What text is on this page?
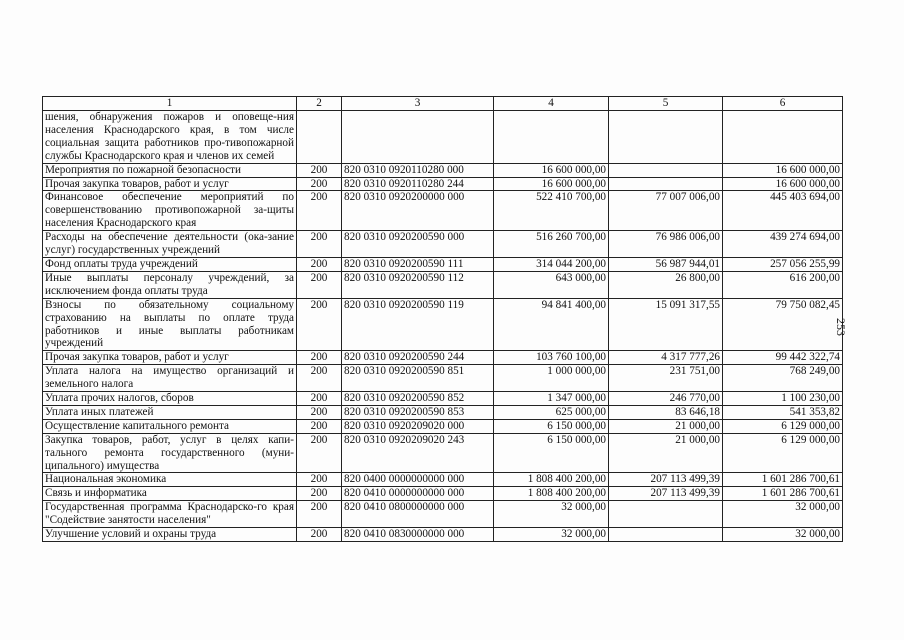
1	2	3	4	5	6
шения, обнаружения пожаров и оповеще-ния населения Краснодарского края, в том числе социальная защита работников про-тивопожарной службы Краснодарского края и членов их семей					
Мероприятия по пожарной безопасности	200	820 0310 0920110280 000	16 600 000,00		16 600 000,00
Прочая закупка товаров, работ и услуг	200	820 0310 0920110280 244	16 600 000,00		16 600 000,00
Финансовое обеспечение мероприятий по совершенствованию противопожарной за-щиты населения Краснодарского края	200	820 0310 0920200000 000	522 410 700,00	77 007 006,00	445 403 694,00
Расходы на обеспечение деятельности (ока-зание услуг) государственных учреждений	200	820 0310 0920200590 000	516 260 700,00	76 986 006,00	439 274 694,00
Фонд оплаты труда учреждений	200	820 0310 0920200590 111	314 044 200,00	56 987 944,01	257 056 255,99
Иные выплаты персоналу учреждений, за исключением фонда оплаты труда	200	820 0310 0920200590 112	643 000,00	26 800,00	616 200,00
Взносы по обязательному социальному страхованию на выплаты по оплате труда работников и иные выплаты работникам учреждений	200	820 0310 0920200590 119	94 841 400,00	15 091 317,55	79 750 082,45
Прочая закупка товаров, работ и услуг	200	820 0310 0920200590 244	103 760 100,00	4 317 777,26	99 442 322,74
Уплата налога на имущество организаций и земельного налога	200	820 0310 0920200590 851	1 000 000,00	231 751,00	768 249,00
Уплата прочих налогов, сборов	200	820 0310 0920200590 852	1 347 000,00	246 770,00	1 100 230,00
Уплата иных платежей	200	820 0310 0920200590 853	625 000,00	83 646,18	541 353,82
Осуществление капитального ремонта	200	820 0310 0920209020 000	6 150 000,00	21 000,00	6 129 000,00
Закупка товаров, работ, услуг в целях капи-тального ремонта государственного (муни-ципального) имущества	200	820 0310 0920209020 243	6 150 000,00	21 000,00	6 129 000,00
Национальная экономика	200	820 0400 0000000000 000	1 808 400 200,00	207 113 499,39	1 601 286 700,61
Связь и информатика	200	820 0410 0000000000 000	1 808 400 200,00	207 113 499,39	1 601 286 700,61
Государственная программа Краснодарско-го края "Содействие занятости населения"	200	820 0410 0800000000 000	32 000,00		32 000,00
Улучшение условий и охраны труда	200	820 0410 0830000000 000	32 000,00		32 000,00
253
